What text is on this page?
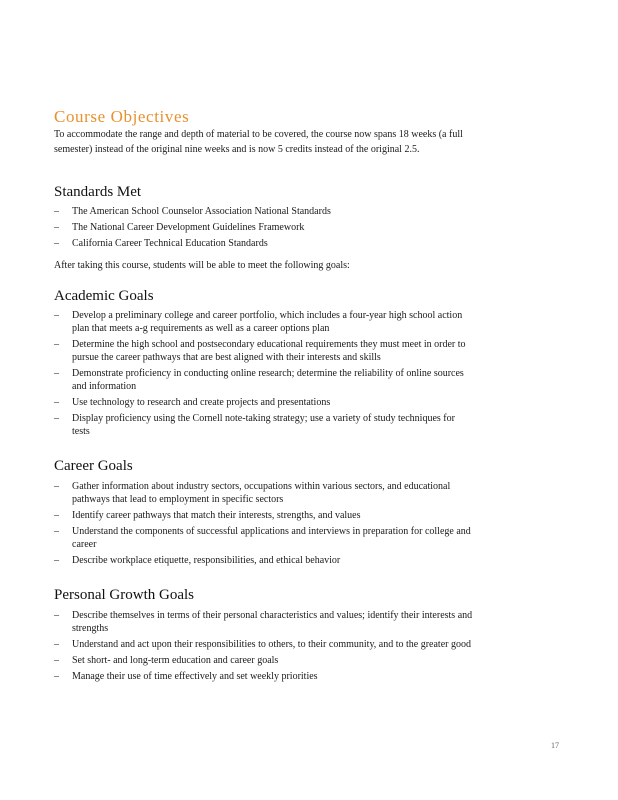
Course Objectives

To accommodate the range and depth of material to be covered, the course now spans 18 weeks (a full semester) instead of the original nine weeks and is now 5 credits instead of the original 2.5.

Standards Met
– The American School Counselor Association National Standards
– The National Career Development Guidelines Framework
– California Career Technical Education Standards

After taking this course, students will be able to meet the following goals:

Academic Goals
– Develop a preliminary college and career portfolio, which includes a four-year high school action plan that meets a-g requirements as well as a career options plan
– Determine the high school and postsecondary educational requirements they must meet in order to pursue the career pathways that are best aligned with their interests and skills
– Demonstrate proficiency in conducting online research; determine the reliability of online sources and information
– Use technology to research and create projects and presentations
– Display proficiency using the Cornell note-taking strategy; use a variety of study techniques for tests
Career Goals
– Gather information about industry sectors, occupations within various sectors, and educational pathways that lead to employment in specific sectors
– Identify career pathways that match their interests, strengths, and values
– Understand the components of successful applications and interviews in preparation for college and career
– Describe workplace etiquette, responsibilities, and ethical behavior
Personal Growth Goals
– Describe themselves in terms of their personal characteristics and values; identify their interests and strengths
– Understand and act upon their responsibilities to others, to their community, and to the greater good
– Set short- and long-term education and career goals
– Manage their use of time effectively and set weekly priorities
17
